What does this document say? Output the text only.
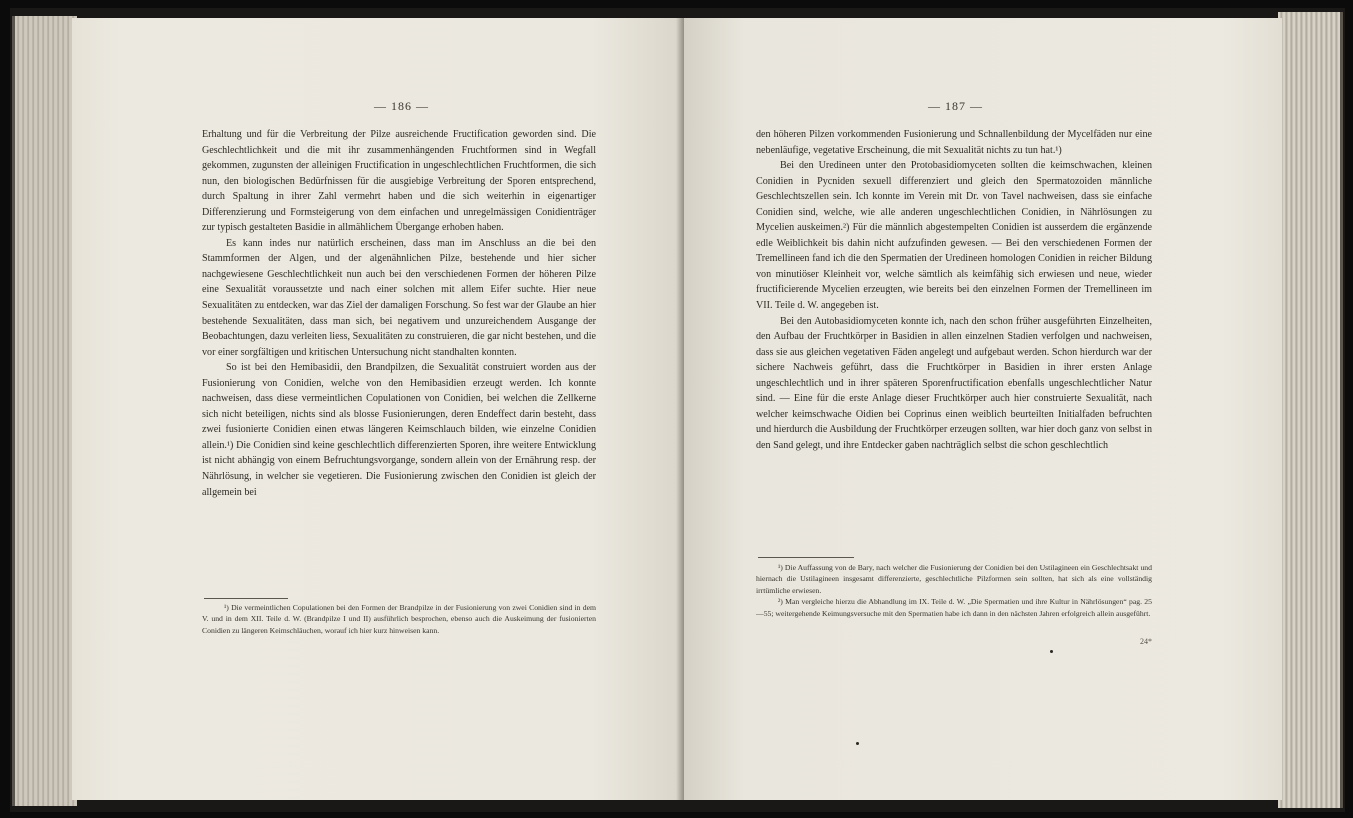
— 186 —

Erhaltung und für die Verbreitung der Pilze ausreichende Fructification geworden sind. Die Geschlechtlichkeit und die mit ihr zusammenhängenden Fruchtformen sind in Wegfall gekommen, zugunsten der alleinigen Fructification in ungeschlechtlichen Fruchtformen, die sich nun, den biologischen Bedürfnissen für die ausgiebige Verbreitung der Sporen entsprechend, durch Spaltung in ihrer Zahl vermehrt haben und die sich weiterhin in eigenartiger Differenzierung und Formsteigerung von dem einfachen und unregelmässigen Conidienträger zur typisch gestalteten Basidie in allmählichem Übergange erhoben haben.

Es kann indes nur natürlich erscheinen, dass man im Anschluss an die bei den Stammformen der Algen, und der algenähnlichen Pilze, bestehende und hier sicher nachgewiesene Geschlechtlichkeit nun auch bei den verschiedenen Formen der höheren Pilze eine Sexualität voraussetzte und nach einer solchen mit allem Eifer suchte. Hier neue Sexualitäten zu entdecken, war das Ziel der damaligen Forschung. So fest war der Glaube an hier bestehende Sexualitäten, dass man sich, bei negativem und unzureichendem Ausgange der Beobachtungen, dazu verleiten liess, Sexualitäten zu construieren, die gar nicht bestehen, und die vor einer sorgfältigen und kritischen Untersuchung nicht standhalten konnten.

So ist bei den Hemibasidii, den Brandpilzen, die Sexualität construiert worden aus der Fusionierung von Conidien, welche von den Hemibasidien erzeugt werden. Ich konnte nachweisen, dass diese vermeintlichen Copulationen von Conidien, bei welchen die Zellkerne sich nicht beteiligen, nichts sind als blosse Fusionierungen, deren Endeffect darin besteht, dass zwei fusionierte Conidien einen etwas längeren Keimschlauch bilden, wie einzelne Conidien allein.¹) Die Conidien sind keine geschlechtlich differenzierten Sporen, ihre weitere Entwicklung ist nicht abhängig von einem Befruchtungsvorgange, sondern allein von der Ernährung resp. der Nährlösung, in welcher sie vegetieren. Die Fusionierung zwischen den Conidien ist gleich der allgemein bei

¹) Die vermeintlichen Copulationen bei den Formen der Brandpilze in der Fusionierung von zwei Conidien sind in dem V. und in dem XII. Teile d. W. (Brandpilze I und II) ausführlich besprochen, ebenso auch die Auskeimung der fusionierten Conidien zu längeren Keimschläuchen, worauf ich hier kurz hinweisen kann.

— 187 —

den höheren Pilzen vorkommenden Fusionierung und Schnallenbildung der Mycelfäden nur eine nebenläufige, vegetative Erscheinung, die mit Sexualität nichts zu tun hat.¹)

Bei den Uredineen unter den Protobasidiomyceten sollten die keimschwachen, kleinen Conidien in Pycniden sexuell differenziert und gleich den Spermatozoiden männliche Geschlechtszellen sein. Ich konnte im Verein mit Dr. von Tavel nachweisen, dass sie einfache Conidien sind, welche, wie alle anderen ungeschlechtlichen Conidien, in Nährlösungen zu Mycelien auskeimen.²) Für die männlich abgestempelten Conidien ist ausserdem die ergänzende edle Weiblichkeit bis dahin nicht aufzufinden gewesen. — Bei den verschiedenen Formen der Tremellineen fand ich die den Spermatien der Uredineen homologen Conidien in reicher Bildung von minutiöser Kleinheit vor, welche sämtlich als keimfähig sich erwiesen und neue, wieder fructificierende Mycelien erzeugten, wie bereits bei den einzelnen Formen der Tremellineen im VII. Teile d. W. angegeben ist.

Bei den Autobasidiomyceten konnte ich, nach den schon früher ausgeführten Einzelheiten, den Aufbau der Fruchtkörper in Basidien in allen einzelnen Stadien verfolgen und nachweisen, dass sie aus gleichen vegetativen Fäden angelegt und aufgebaut werden. Schon hierdurch war der sichere Nachweis geführt, dass die Fruchtkörper in Basidien in ihrer ersten Anlage ungeschlechtlich und in ihrer späteren Sporenfructification ebenfalls ungeschlechtlicher Natur sind. — Eine für die erste Anlage dieser Fruchtkörper auch hier construierte Sexualität, nach welcher keimschwache Oidien bei Coprinus einen weiblich beurteilten Initialfaden befruchten und hierdurch die Ausbildung der Fruchtkörper erzeugen sollten, war hier doch ganz von selbst in den Sand gelegt, und ihre Entdecker gaben nachträglich selbst die schon geschlechtlich

¹) Die Auffassung von de Bary, nach welcher die Fusionierung der Conidien bei den Ustilagineen ein Geschlechtsakt und hiernach die Ustilagineen insgesamt differenzierte, geschlechtliche Pilzformen sein sollten, hat sich als eine vollständig irrtümliche erwiesen.

²) Man vergleiche hierzu die Abhandlung im IX. Teile d. W. „Die Spermatien und ihre Kultur in Nährlösungen“ pag. 25—55; weitergehende Keimungsversuche mit den Spermatien habe ich dann in den nächsten Jahren erfolgreich allein ausgeführt.

24*
